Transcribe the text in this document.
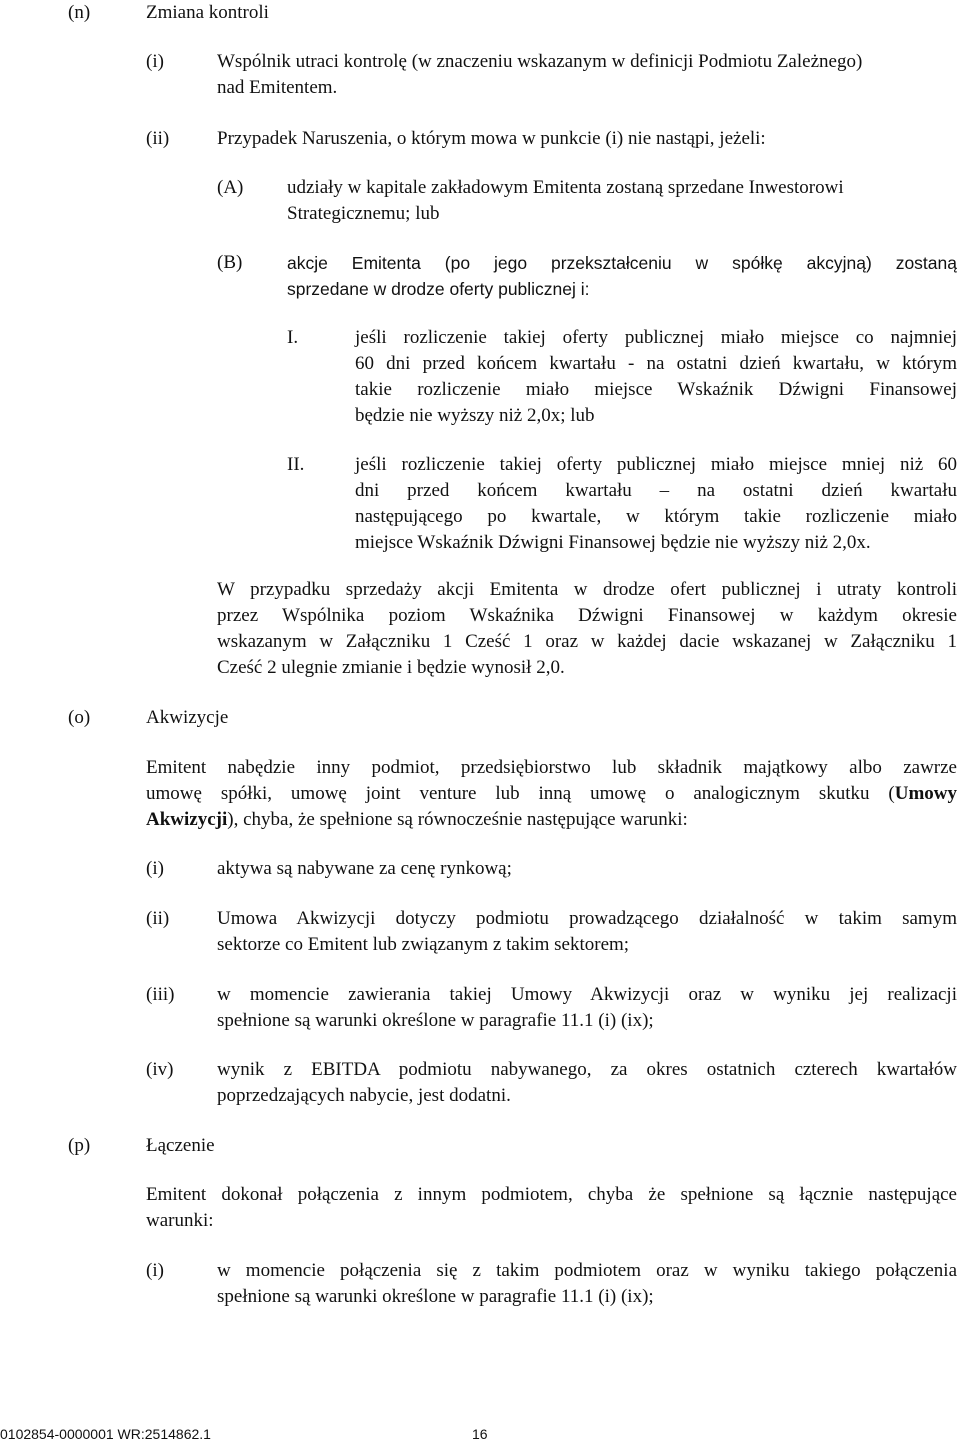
(n)	Zmiana kontroli
(i)	Wspólnik utraci kontrolę (w znaczeniu wskazanym w definicji Podmiotu Zależnego)
nad Emitentem.
(ii)	Przypadek Naruszenia, o którym mowa w punkcie (i) nie nastąpi, jeżeli:
(A) udziały w kapitale zakładowym Emitenta zostaną sprzedane Inwestorowi
Strategicznemu; lub
(B)	akcje Emitenta (po jego przekształceniu w spółkę akcyjną) zostaną
sprzedane w drodze oferty publicznej i:
I.	jeśli rozliczenie takiej oferty publicznej miało miejsce co najmniej
60 dni przed końcem kwartału - na ostatni dzień kwartału, w którym
takie rozliczenie miało miejsce Wskaźnik Dźwigni Finansowej
będzie nie wyższy niż 2,0x; lub
II.	jeśli rozliczenie takiej oferty publicznej miało miejsce mniej niż 60
dni przed końcem kwartału – na ostatni dzień kwartału
następującego po kwartale, w którym takie rozliczenie miało
miejsce Wskaźnik Dźwigni Finansowej będzie nie wyższy niż 2,0x.
W przypadku sprzedaży akcji Emitenta w drodze ofert publicznej i utraty kontroli
przez Wspólnika poziom Wskaźnika Dźwigni Finansowej w każdym okresie
wskazanym w Załączniku 1 Cześć 1 oraz w każdej dacie wskazanej w Załączniku 1
Cześć 2 ulegnie zmianie i będzie wynosił 2,0.
(o)	Akwizycje
Emitent nabędzie inny podmiot, przedsiębiorstwo lub składnik majątkowy albo zawrze
umowę spółki, umowę joint venture lub inną umowę o analogicznym skutku (Umowy
Akwizycji), chyba, że spełnione są równocześnie następujące warunki:
(i)	aktywa są nabywane za cenę rynkową;
(ii)	Umowa Akwizycji dotyczy podmiotu prowadzącego działalność w takim samym
sektorze co Emitent lub związanym z takim sektorem;
(iii) w momencie zawierania takiej Umowy Akwizycji oraz w wyniku jej realizacji
spełnione są warunki określone w paragrafie 11.1 (i) (ix);
(iv) wynik z EBITDA podmiotu nabywanego, za okres ostatnich czterech kwartałów
poprzedzających nabycie, jest dodatni.
(p)	Łączenie
Emitent dokonał połączenia z innym podmiotem, chyba że spełnione są łącznie następujące
warunki:
(i)	w momencie połączenia się z takim podmiotem oraz w wyniku takiego połączenia
spełnione są warunki określone w paragrafie 11.1 (i) (ix);
0102854-0000001 WR:2514862.1	16
